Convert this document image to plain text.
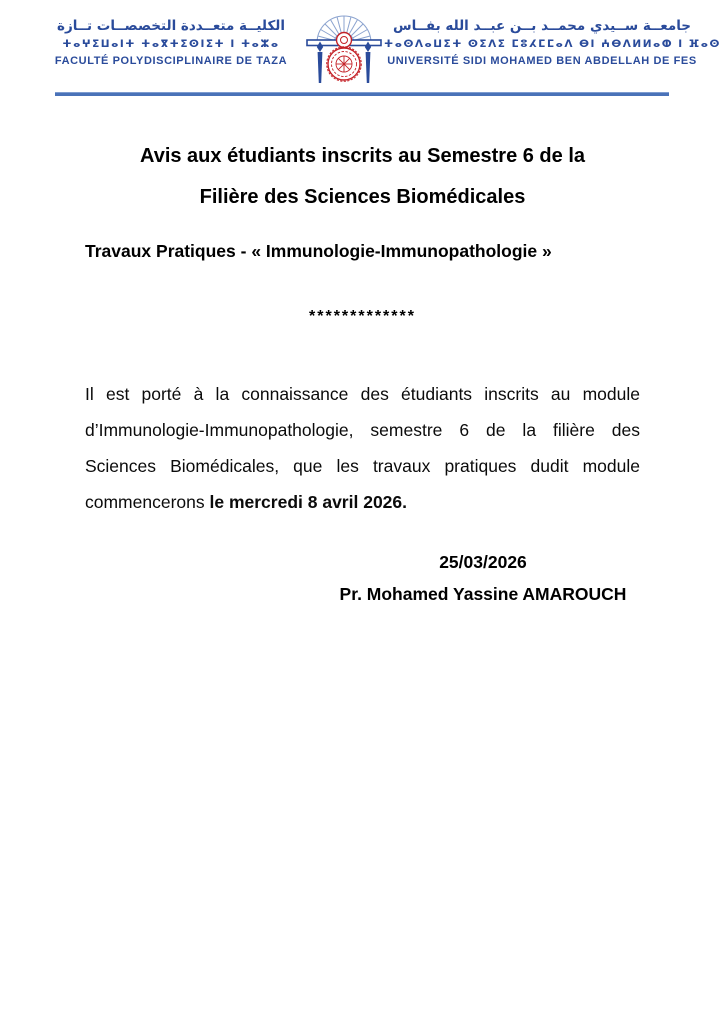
الكليــة متعــددة التخصصــات تــازة
ⵜⴰⵖⵉⵡⴰⵏⵜ ⵜⴰⴳⵜⵉⵙⵏⵉⵜ ⵏ ⵜⴰⵣⴰ
FACULTÉ POLYDISCIPLINAIRE DE TAZA
جامعــة ســيدي محمــد بــن عبــد الله بفــاس
ⵜⴰⵙⴷⴰⵡⵉⵜ ⵙⵉⴷⵉ ⵎⵓⵃⵎⵎⴰⴷ ⴱⵏ ⵄⴱⴷⵍⵍⴰⵀ ⵏ ⴼⴰⵙ
UNIVERSITÉ SIDI MOHAMED BEN ABDELLAH DE FES
Avis aux étudiants inscrits au Semestre 6 de la
Filière des Sciences Biomédicales
Travaux Pratiques - « Immunologie-Immunopathologie »
*************

Il est porté à la connaissance des étudiants inscrits au module d’Immunologie-Immunopathologie, semestre 6 de la filière des Sciences Biomédicales, que les travaux pratiques dudit module commencerons le mercredi 8 avril 2026.

25/03/2026
Pr. Mohamed Yassine AMAROUCH
